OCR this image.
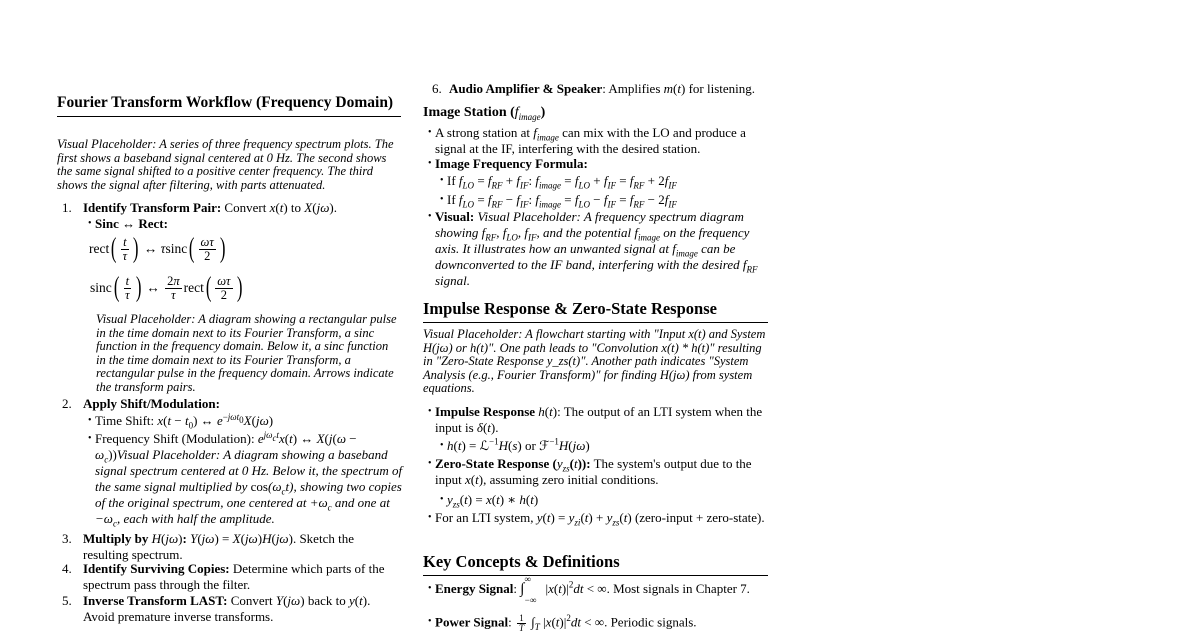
Fourier Transform Workflow (Frequency Domain)
Visual Placeholder: A series of three frequency spectrum plots. The first shows a baseband signal centered at 0 Hz. The second shows the same signal shifted to a positive center frequency. The third shows the signal after filtering, with parts attenuated.
1. Identify Transform Pair: Convert x(t) to X(jω).
• Sinc ↔ Rect:
rect ( $\frac{t}{\tau}$ ) ↔ τ sinc ( $\frac{\omega\tau}{2}$ )
sinc ( $\frac{t}{\tau}$ ) ↔ $\frac{2\pi}{\tau}$ rect ( $\frac{\omega\tau}{2}$ )
Visual Placeholder: A diagram showing a rectangular pulse in the time domain next to its Fourier Transform, a sinc function in the frequency domain. Below it, a sinc function in the time domain next to its Fourier Transform, a rectangular pulse in the frequency domain. Arrows indicate the transform pairs.
2. Apply Shift/Modulation:
• Time Shift: $x(t - t_0)$ ↔ $e^{-j\omega t_0}X(j\omega)$
• Frequency Shift (Modulation): $e^{j\omega_ct}x(t)$ ↔ X(j(ω −
$\omega_c))Visual$ Placeholder: A diagram showing a baseband signal spectrum centered at 0 Hz. Below it, the spectrum of the same signal multiplied by $\cos(\omega_ct)$, showing two copies of the original spectrum, one centered at $+\omega_c$ and one at $-\omega_c$, each with half the amplitude.
3. Multiply by H(jω): Y(jω) = X(jω)H(jω). Sketch the resulting spectrum.
4. Identify Surviving Copies: Determine which parts of the spectrum pass through the filter.
5. Inverse Transform LAST: Convert Y(jω) back to y(t). Avoid premature inverse transforms.
6. Audio Amplifier & Speaker: Amplifies m(t) for listening.
Image Station $(f_{image})$
• A strong station at $f_{image}$ can mix with the LO and produce a signal at the IF, interfering with the desired station.
• Image Frequency Formula:
• If $f_{LO} = f_{RF} + f_{IF}$: $f_{image} = f_{LO} + f_{IF} = f_{RF} + 2f_{IF}$
• If $f_{LO} = f_{RF} - f_{IF}$: $f_{image} = f_{LO} - f_{IF} = f_{RF} - 2f_{IF}$
• Visual: Visual Placeholder: A frequency spectrum diagram showing $f_{RF}$, $f_{LO}$, $f_{IF}$, and the potential $f_{image}$ on the frequency axis. It illustrates how an unwanted signal at $f_{image}$ can be downconverted to the IF band, interfering with the desired $f_{RF}$ signal.
Impulse Response & Zero-State Response
Visual Placeholder: A flowchart starting with "Input x(t) and System H(jω) or h(t)". One path leads to "Convolution x(t) * h(t)" resulting in "Zero-State Response y_zs(t)". Another path indicates "System Analysis (e.g., Fourier Transform)" for finding H(jω) from system equations.
• Impulse Response h(t): The output of an LTI system when the input is δ(t).
• h(t) = ℒ$^{-1}$H(s) or ℱ$^{-1}$H(jω)
• Zero-State Response $(y_{zs}(t))$: The system's output due to the input x(t), assuming zero initial conditions.
• $y_{zs}(t) = x(t)$ ∗ h(t)
• For an LTI system, $y(t) = y_{zi}(t) + y_{zs}(t)$ (zero-input + zero-state).
Key Concepts & Definitions
• Energy Signal: $\int^\infty_{-\infty}$ $|x(t)|^2dt$ < ∞. Most signals in Chapter 7.
• Power Signal: $\frac{1}{T} \int_T$ $|x(t)|^2dt$ < ∞. Periodic signals.
